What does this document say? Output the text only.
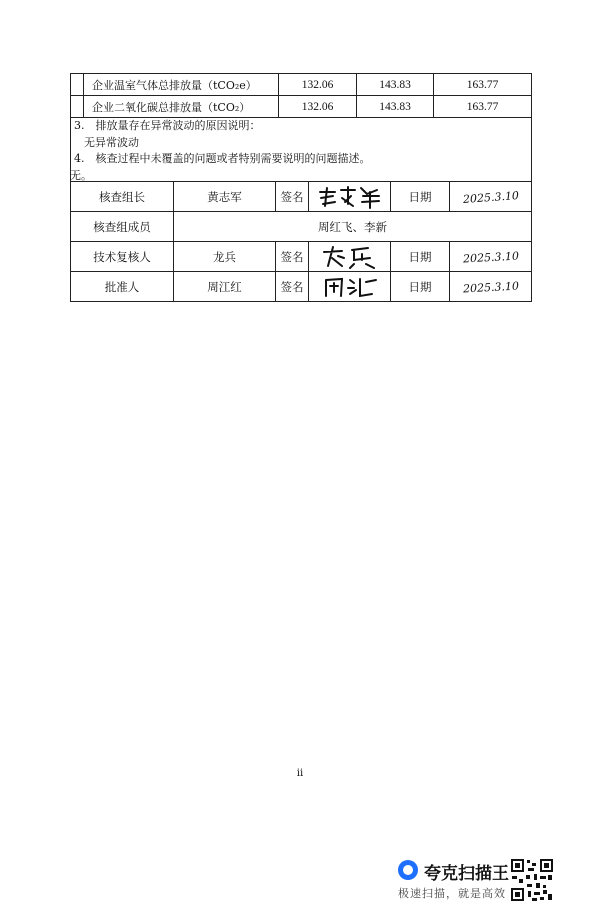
	企业温室气体总排放量（tCO₂e）	132.06	143.83	163.77
	企业二氧化碳总排放量（tCO₂）	132.06	143.83	163.77
3.　排放量存在异常波动的原因说明：
无异常波动
4.　核查过程中未覆盖的问题或者特别需要说明的问题描述。
无。
核查组长	黄志军	签名		日期	2025.3.10
核查组成员	周红飞、李新				
技术复核人	龙兵	签名		日期	2025.3.10
批准人	周江红	签名		日期	2025.3.10
ii
夸克扫描王
极速扫描，就是高效
